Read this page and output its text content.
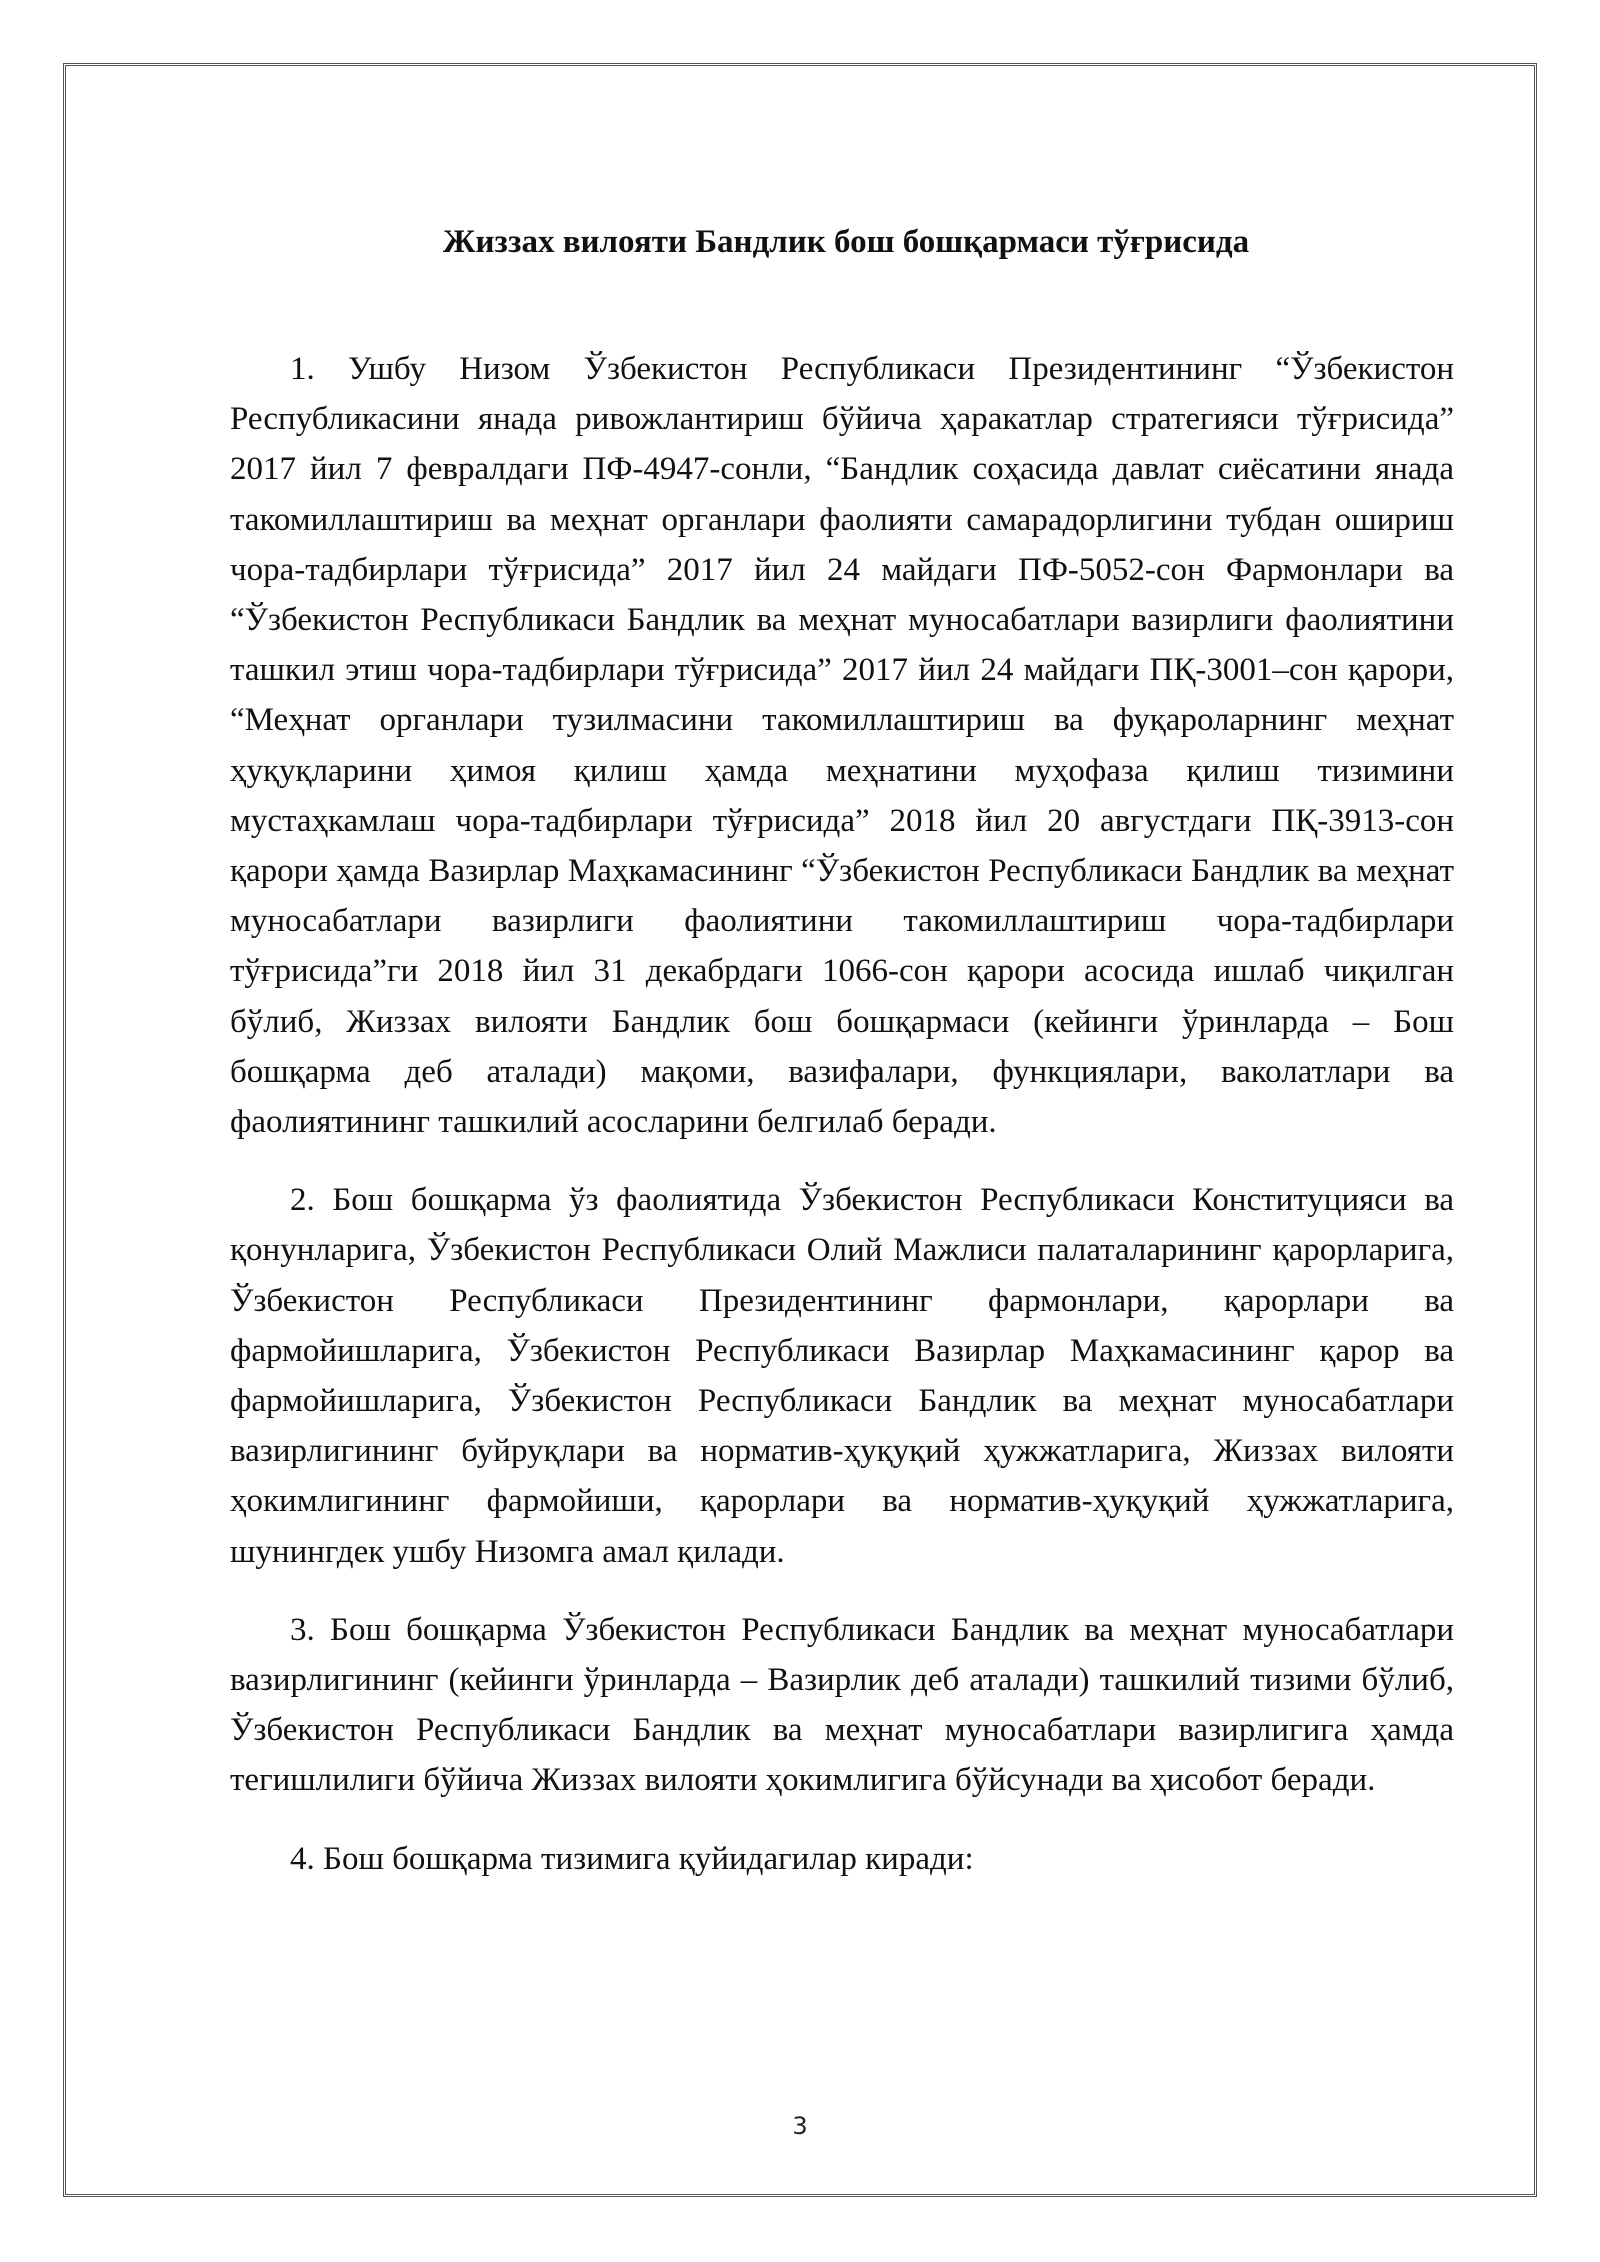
Жиззах вилояти Бандлик бош бошқармаси тўғрисида

1. Ушбу Низом Ўзбекистон Республикаси Президентининг “Ўзбекистон Республикасини янада ривожлантириш бўйича ҳаракатлар стратегияси тўғрисида” 2017 йил 7 февралдаги ПФ-4947-сонли, “Бандлик соҳасида давлат сиёсатини янада такомиллаштириш ва меҳнат органлари фаолияти самарадорлигини тубдан ошириш чора-тадбирлари тўғрисида” 2017 йил 24 майдаги ПФ-5052-сон Фармонлари ва “Ўзбекистон Республикаси Бандлик ва меҳнат муносабатлари вазирлиги фаолиятини ташкил этиш чора-тадбирлари тўғрисида” 2017 йил 24 майдаги ПҚ-3001–сон қарори, “Меҳнат органлари тузилмасини такомиллаштириш ва фуқароларнинг меҳнат ҳуқуқларини ҳимоя қилиш ҳамда меҳнатини муҳофаза қилиш тизимини мустаҳкамлаш чора-тадбирлари тўғрисида” 2018 йил 20 августдаги ПҚ-3913-сон қарори ҳамда Вазирлар Маҳкамасининг “Ўзбекистон Республикаси Бандлик ва меҳнат муносабатлари вазирлиги фаолиятини такомиллаштириш чора-тадбирлари тўғрисида”ги 2018 йил 31 декабрдаги 1066-сон қарори асосида ишлаб чиқилган бўлиб, Жиззах вилояти Бандлик бош бошқармаси (кейинги ўринларда – Бош бошқарма деб аталади) мақоми, вазифалари, функциялари, ваколатлари ва фаолиятининг ташкилий асосларини белгилаб беради.

2. Бош бошқарма ўз фаолиятида Ўзбекистон Республикаси Конституцияси ва қонунларига, Ўзбекистон Республикаси Олий Мажлиси палаталарининг қарорларига, Ўзбекистон Республикаси Президентининг фармонлари, қарорлари ва фармойишларига, Ўзбекистон Республикаси Вазирлар Маҳкамасининг қарор ва фармойишларига, Ўзбекистон Республикаси Бандлик ва меҳнат муносабатлари вазирлигининг буйруқлари ва норматив-ҳуқуқий ҳужжатларига, Жиззах вилояти ҳокимлигининг фармойиши, қарорлари ва норматив-ҳуқуқий ҳужжатларига, шунингдек ушбу Низомга амал қилади.

3. Бош бошқарма Ўзбекистон Республикаси Бандлик ва меҳнат муносабатлари вазирлигининг (кейинги ўринларда – Вазирлик деб аталади) ташкилий тизими бўлиб, Ўзбекистон Республикаси Бандлик ва меҳнат муносабатлари вазирлигига ҳамда тегишлилиги бўйича Жиззах вилояти ҳокимлигига бўйсунади ва ҳисобот беради.

4. Бош бошқарма тизимига қуйидагилар киради:

3
